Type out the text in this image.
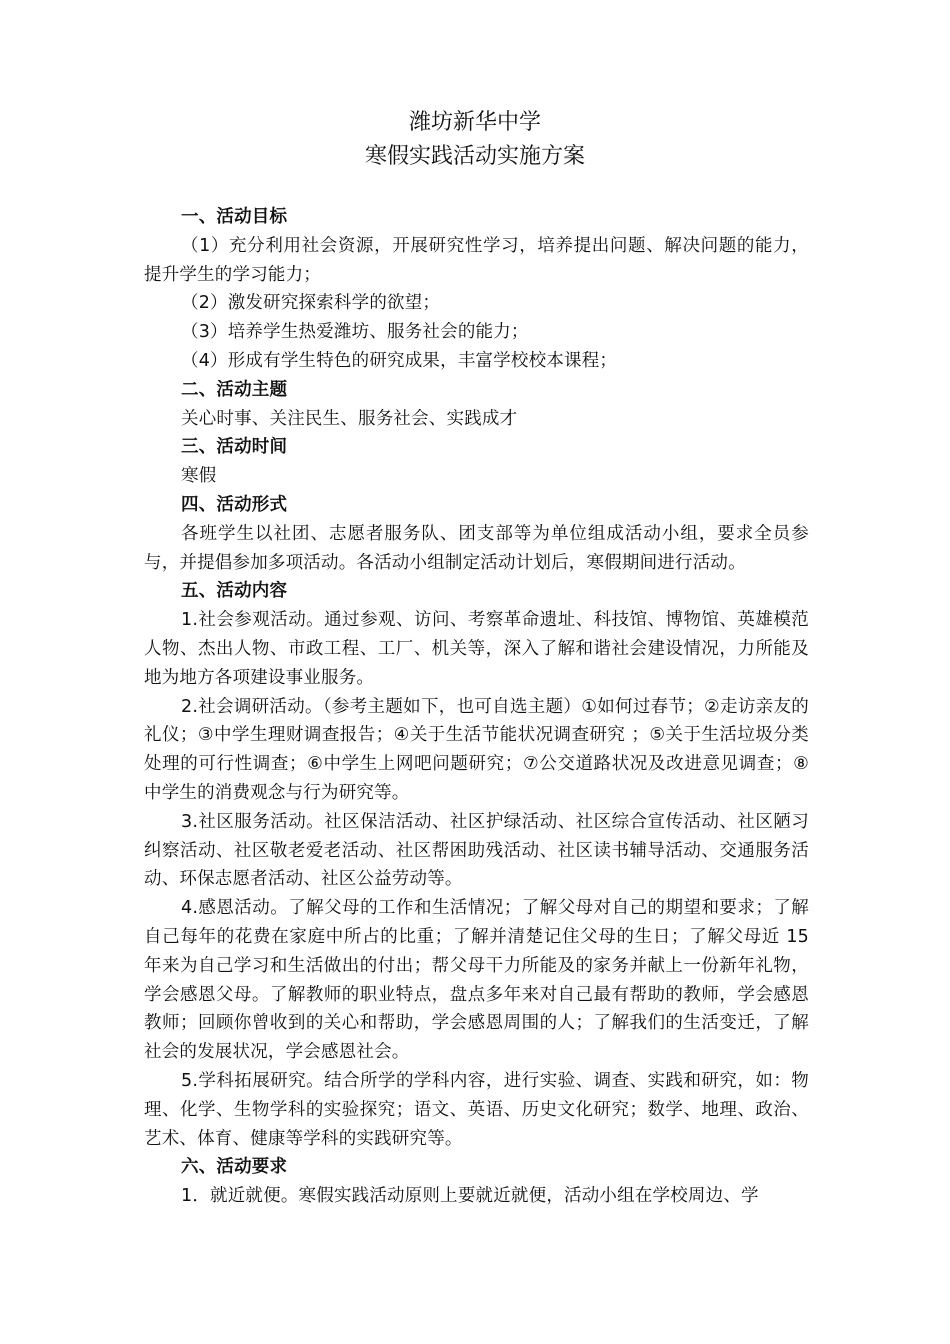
潍坊新华中学
寒假实践活动实施方案

一、活动目标

（1）充分利用社会资源，开展研究性学习，培养提出问题、解决问题的能力，提升学生的学习能力；

（2）激发研究探索科学的欲望；

（3）培养学生热爱潍坊、服务社会的能力；

（4）形成有学生特色的研究成果，丰富学校校本课程；

二、活动主题

关心时事、关注民生、服务社会、实践成才

三、活动时间

寒假

四、活动形式

各班学生以社团、志愿者服务队、团支部等为单位组成活动小组，要求全员参与，并提倡参加多项活动。各活动小组制定活动计划后，寒假期间进行活动。

五、活动内容

1.社会参观活动。通过参观、访问、考察革命遗址、科技馆、博物馆、英雄模范人物、杰出人物、市政工程、工厂、机关等，深入了解和谐社会建设情况，力所能及地为地方各项建设事业服务。

2.社会调研活动。（参考主题如下，也可自选主题）①如何过春节；②走访亲友的礼仪；③中学生理财调查报告；④关于生活节能状况调查研究 ；⑤关于生活垃圾分类处理的可行性调查；⑥中学生上网吧问题研究；⑦公交道路状况及改进意见调查；⑧中学生的消费观念与行为研究等。

3.社区服务活动。社区保洁活动、社区护绿活动、社区综合宣传活动、社区陋习纠察活动、社区敬老爱老活动、社区帮困助残活动、社区读书辅导活动、交通服务活动、环保志愿者活动、社区公益劳动等。

4.感恩活动。了解父母的工作和生活情况；了解父母对自己的期望和要求；了解自己每年的花费在家庭中所占的比重；了解并清楚记住父母的生日；了解父母近 15 年来为自己学习和生活做出的付出；帮父母干力所能及的家务并献上一份新年礼物，学会感恩父母。了解教师的职业特点，盘点多年来对自己最有帮助的教师，学会感恩教师；回顾你曾收到的关心和帮助，学会感恩周围的人；了解我们的生活变迁，了解社会的发展状况，学会感恩社会。

5.学科拓展研究。结合所学的学科内容，进行实验、调查、实践和研究，如：物理、化学、生物学科的实验探究；语文、英语、历史文化研究；数学、地理、政治、艺术、体育、健康等学科的实践研究等。

六、活动要求

1．就近就便。寒假实践活动原则上要就近就便，活动小组在学校周边、学
